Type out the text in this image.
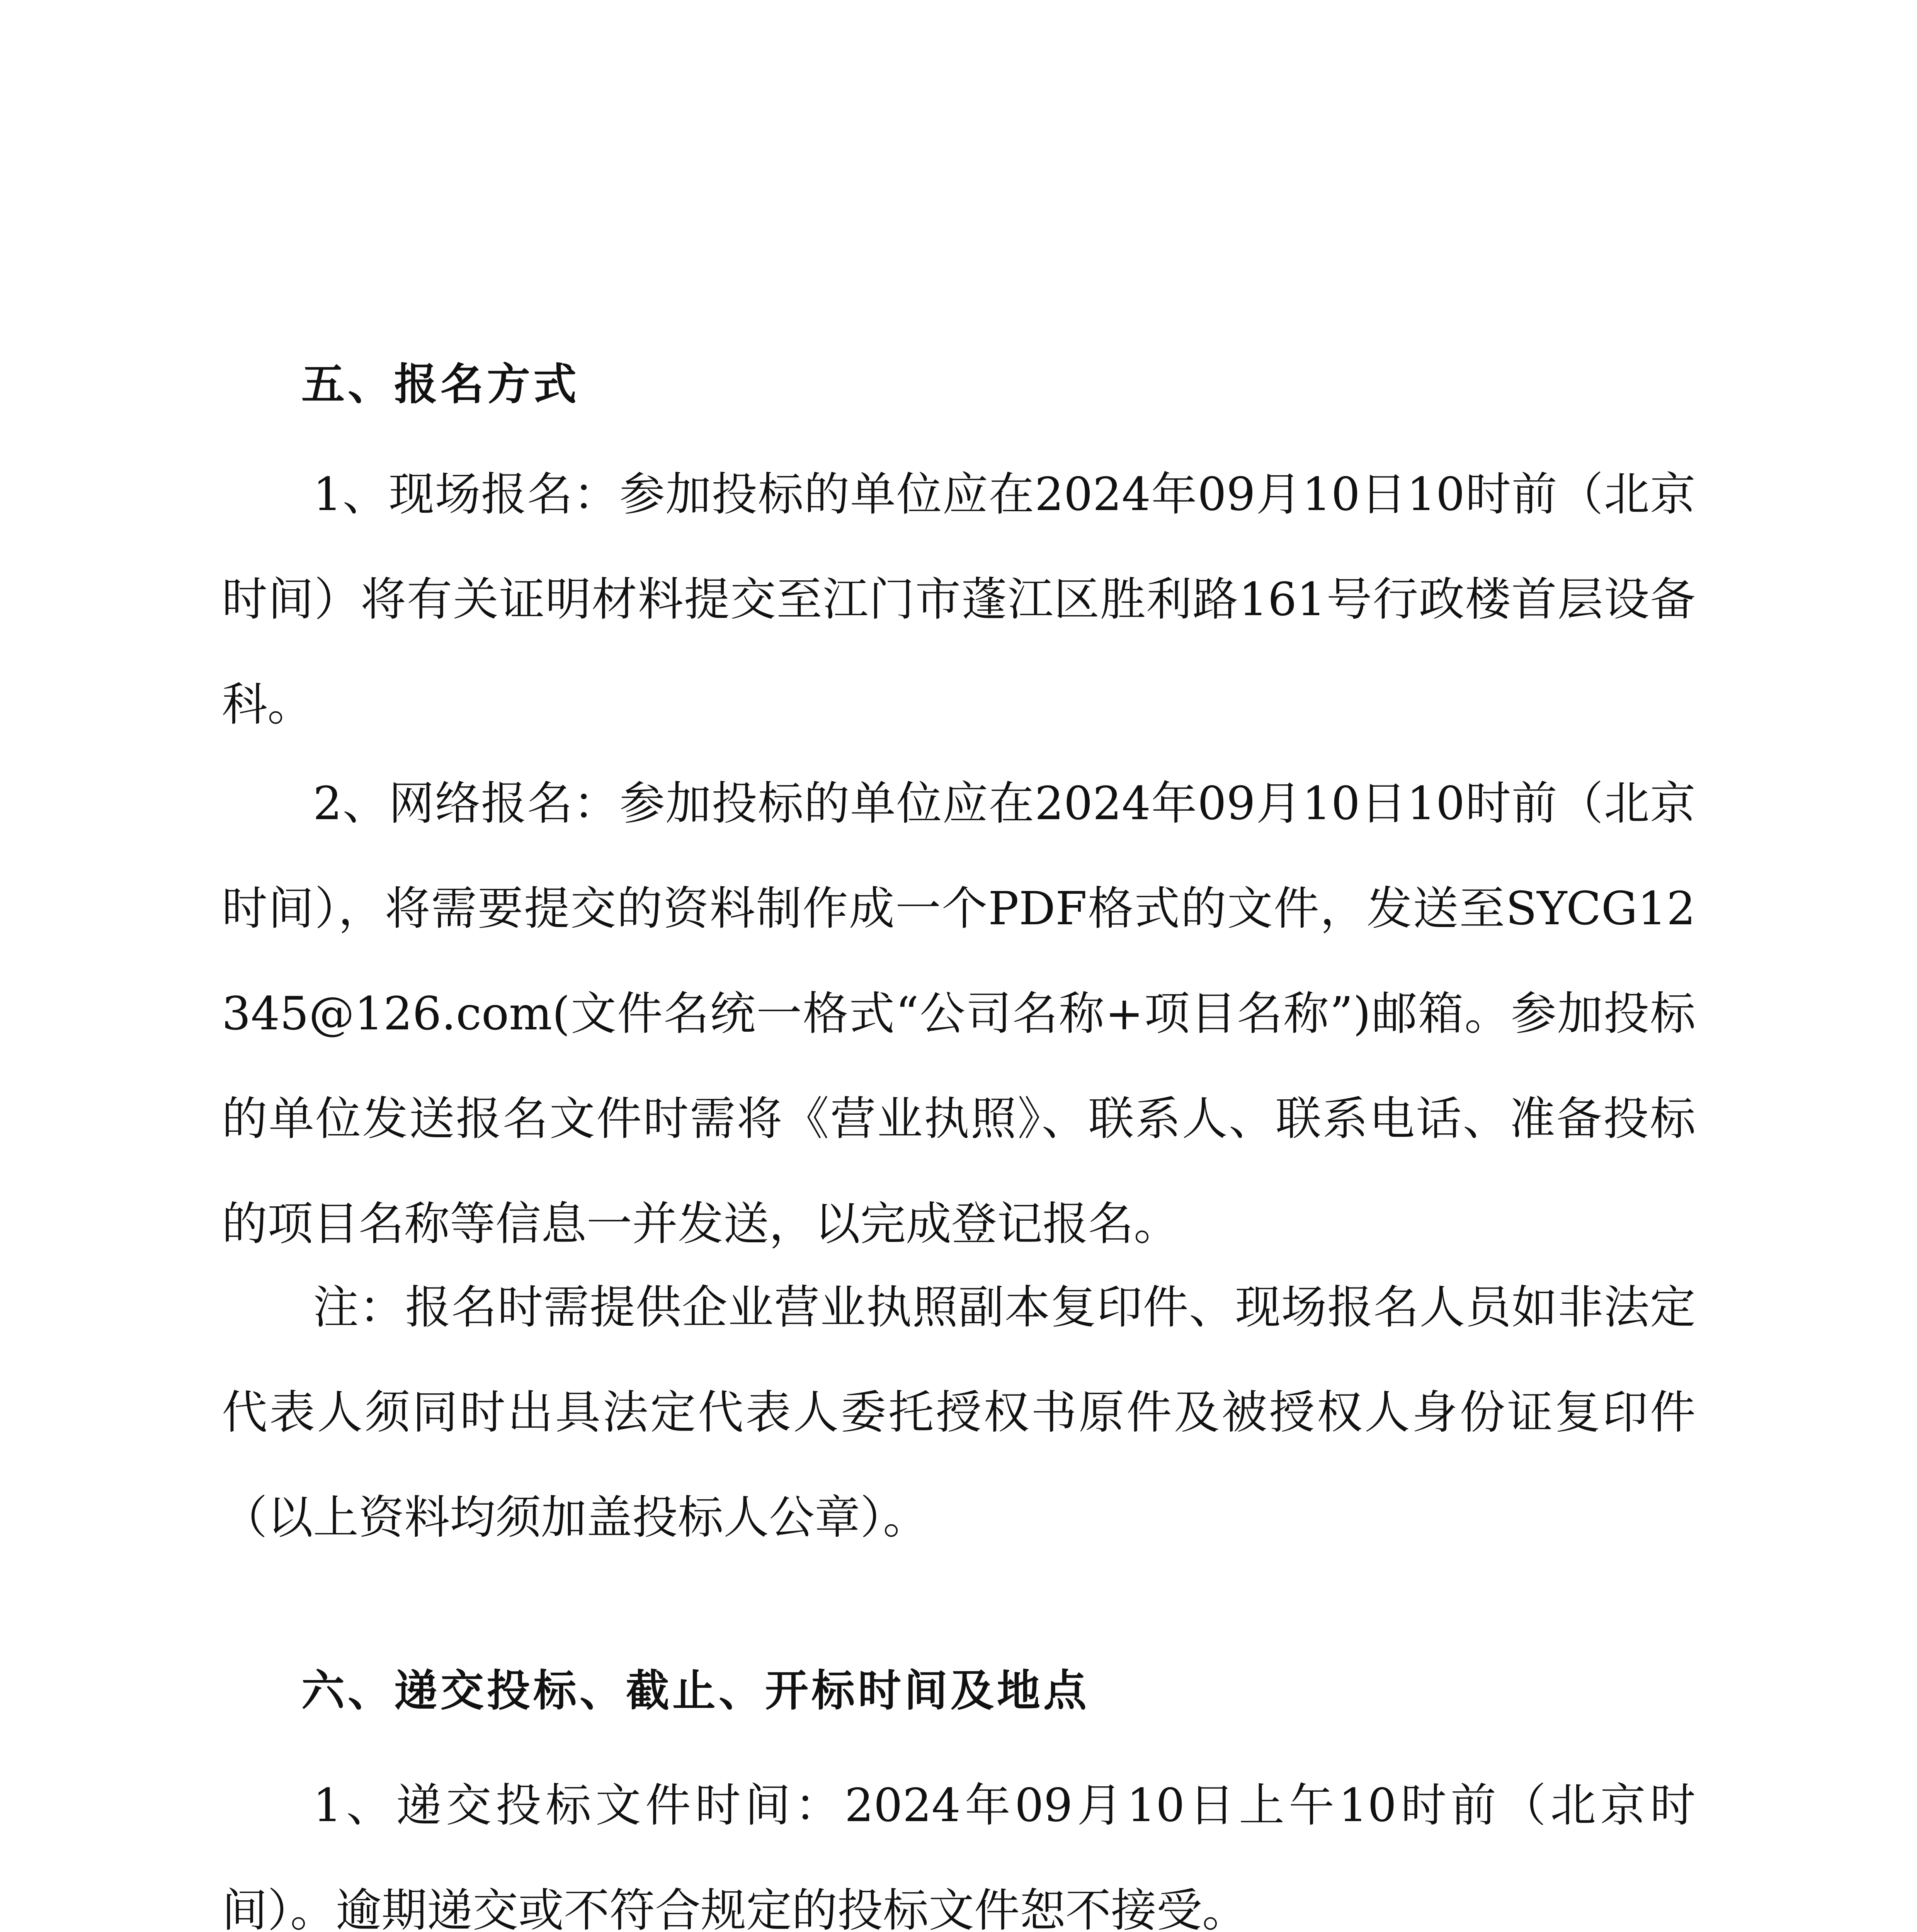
五、报名方式

1、现场报名：参加投标的单位应在2024年09月10日10时前（北京时间）将有关证明材料提交至江门市蓬江区胜利路161号行政楼首层设备科。

2、网络报名：参加投标的单位应在2024年09月10日10时前（北京时间），将需要提交的资料制作成一个PDF格式的文件，发送至SYCG12345@126.com(文件名统一格式“公司名称+项目名称”)邮箱。参加投标的单位发送报名文件时需将《营业执照》、联系人、联系电话、准备投标的项目名称等信息一并发送，以完成登记报名。

注：报名时需提供企业营业执照副本复印件、现场报名人员如非法定代表人须同时出具法定代表人委托授权书原件及被授权人身份证复印件（以上资料均须加盖投标人公章）。

六、递交投标、截止、开标时间及地点

1、递交投标文件时间：2024年09月10日上午10时前（北京时间）。逾期递交或不符合规定的投标文件恕不接受。
